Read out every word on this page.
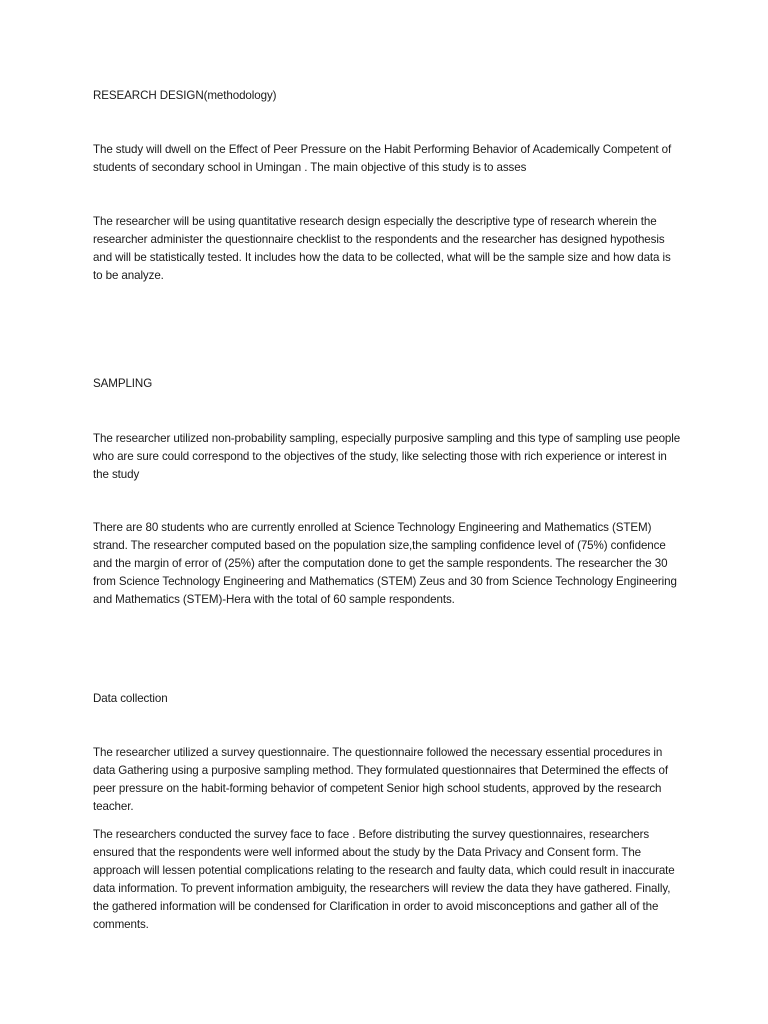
RESEARCH DESIGN(methodology)

The study will dwell on the Effect of Peer Pressure on the Habit Performing Behavior of Academically Competent of students of secondary school in Umingan . The main objective of this study is to asses

The researcher will be using quantitative research design especially the descriptive type of research wherein the researcher administer the questionnaire checklist to the respondents and the researcher has designed hypothesis and will be statistically tested. It includes how the data to be collected, what will be the sample size and how data is to be analyze.

SAMPLING

The researcher utilized non-probability sampling, especially purposive sampling and this type of sampling use people who are sure could correspond to the objectives of the study, like selecting those with rich experience or interest in the study

There are 80 students who are currently enrolled at Science Technology Engineering and Mathematics (STEM) strand. The researcher computed based on the population size,the sampling confidence level of (75%) confidence and the margin of error of (25%) after the computation done to get the sample respondents. The researcher the 30 from Science Technology Engineering and Mathematics (STEM) Zeus and 30 from Science Technology Engineering and Mathematics (STEM)-Hera with the total of 60 sample respondents.

Data collection

The researcher utilized a survey questionnaire. The questionnaire followed the necessary essential procedures in data Gathering using a purposive sampling method. They formulated questionnaires that Determined the effects of peer pressure on the habit-forming behavior of competent Senior high school students, approved by the research teacher.

The researchers conducted the survey face to face . Before distributing the survey questionnaires, researchers ensured that the respondents were well informed about the study by the Data Privacy and Consent form. The approach will lessen potential complications relating to the research and faulty data, which could result in inaccurate data information. To prevent information ambiguity, the researchers will review the data they have gathered. Finally, the gathered information will be condensed for Clarification in order to avoid misconceptions and gather all of the comments.
